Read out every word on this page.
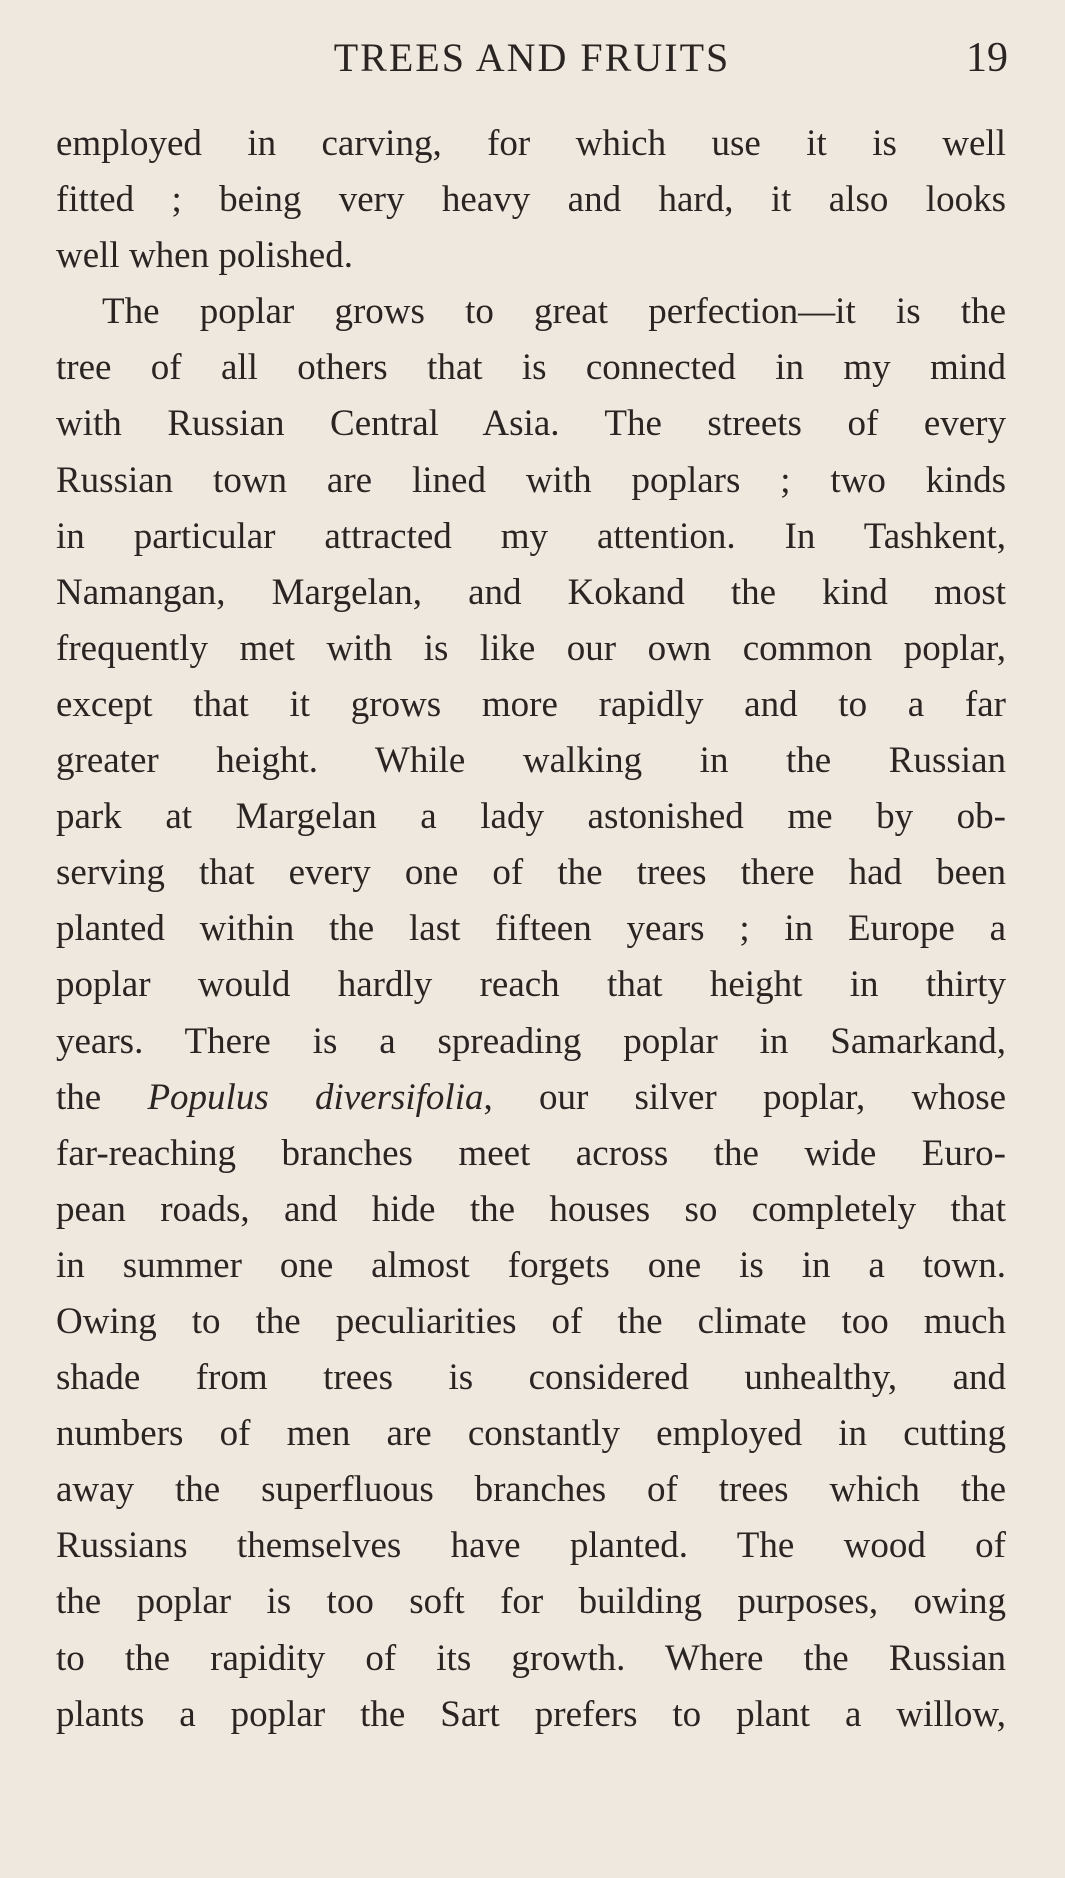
TREES AND FRUITS	19
employed in carving, for which use it is well
fitted ; being very heavy and hard, it also looks
well when polished.
The poplar grows to great perfection—it is the
tree of all others that is connected in my mind
with Russian Central Asia. The streets of every
Russian town are lined with poplars ; two kinds
in particular attracted my attention. In Tashkent,
Namangan, Margelan, and Kokand the kind most
frequently met with is like our own common poplar,
except that it grows more rapidly and to a far
greater height. While walking in the Russian
park at Margelan a lady astonished me by ob-
serving that every one of the trees there had been
planted within the last fifteen years ; in Europe a
poplar would hardly reach that height in thirty
years. There is a spreading poplar in Samarkand,
the Populus diversifolia, our silver poplar, whose
far-reaching branches meet across the wide Euro-
pean roads, and hide the houses so completely that
in summer one almost forgets one is in a town.
Owing to the peculiarities of the climate too much
shade from trees is considered unhealthy, and
numbers of men are constantly employed in cutting
away the superfluous branches of trees which the
Russians themselves have planted. The wood of
the poplar is too soft for building purposes, owing
to the rapidity of its growth. Where the Russian
plants a poplar the Sart prefers to plant a willow,
